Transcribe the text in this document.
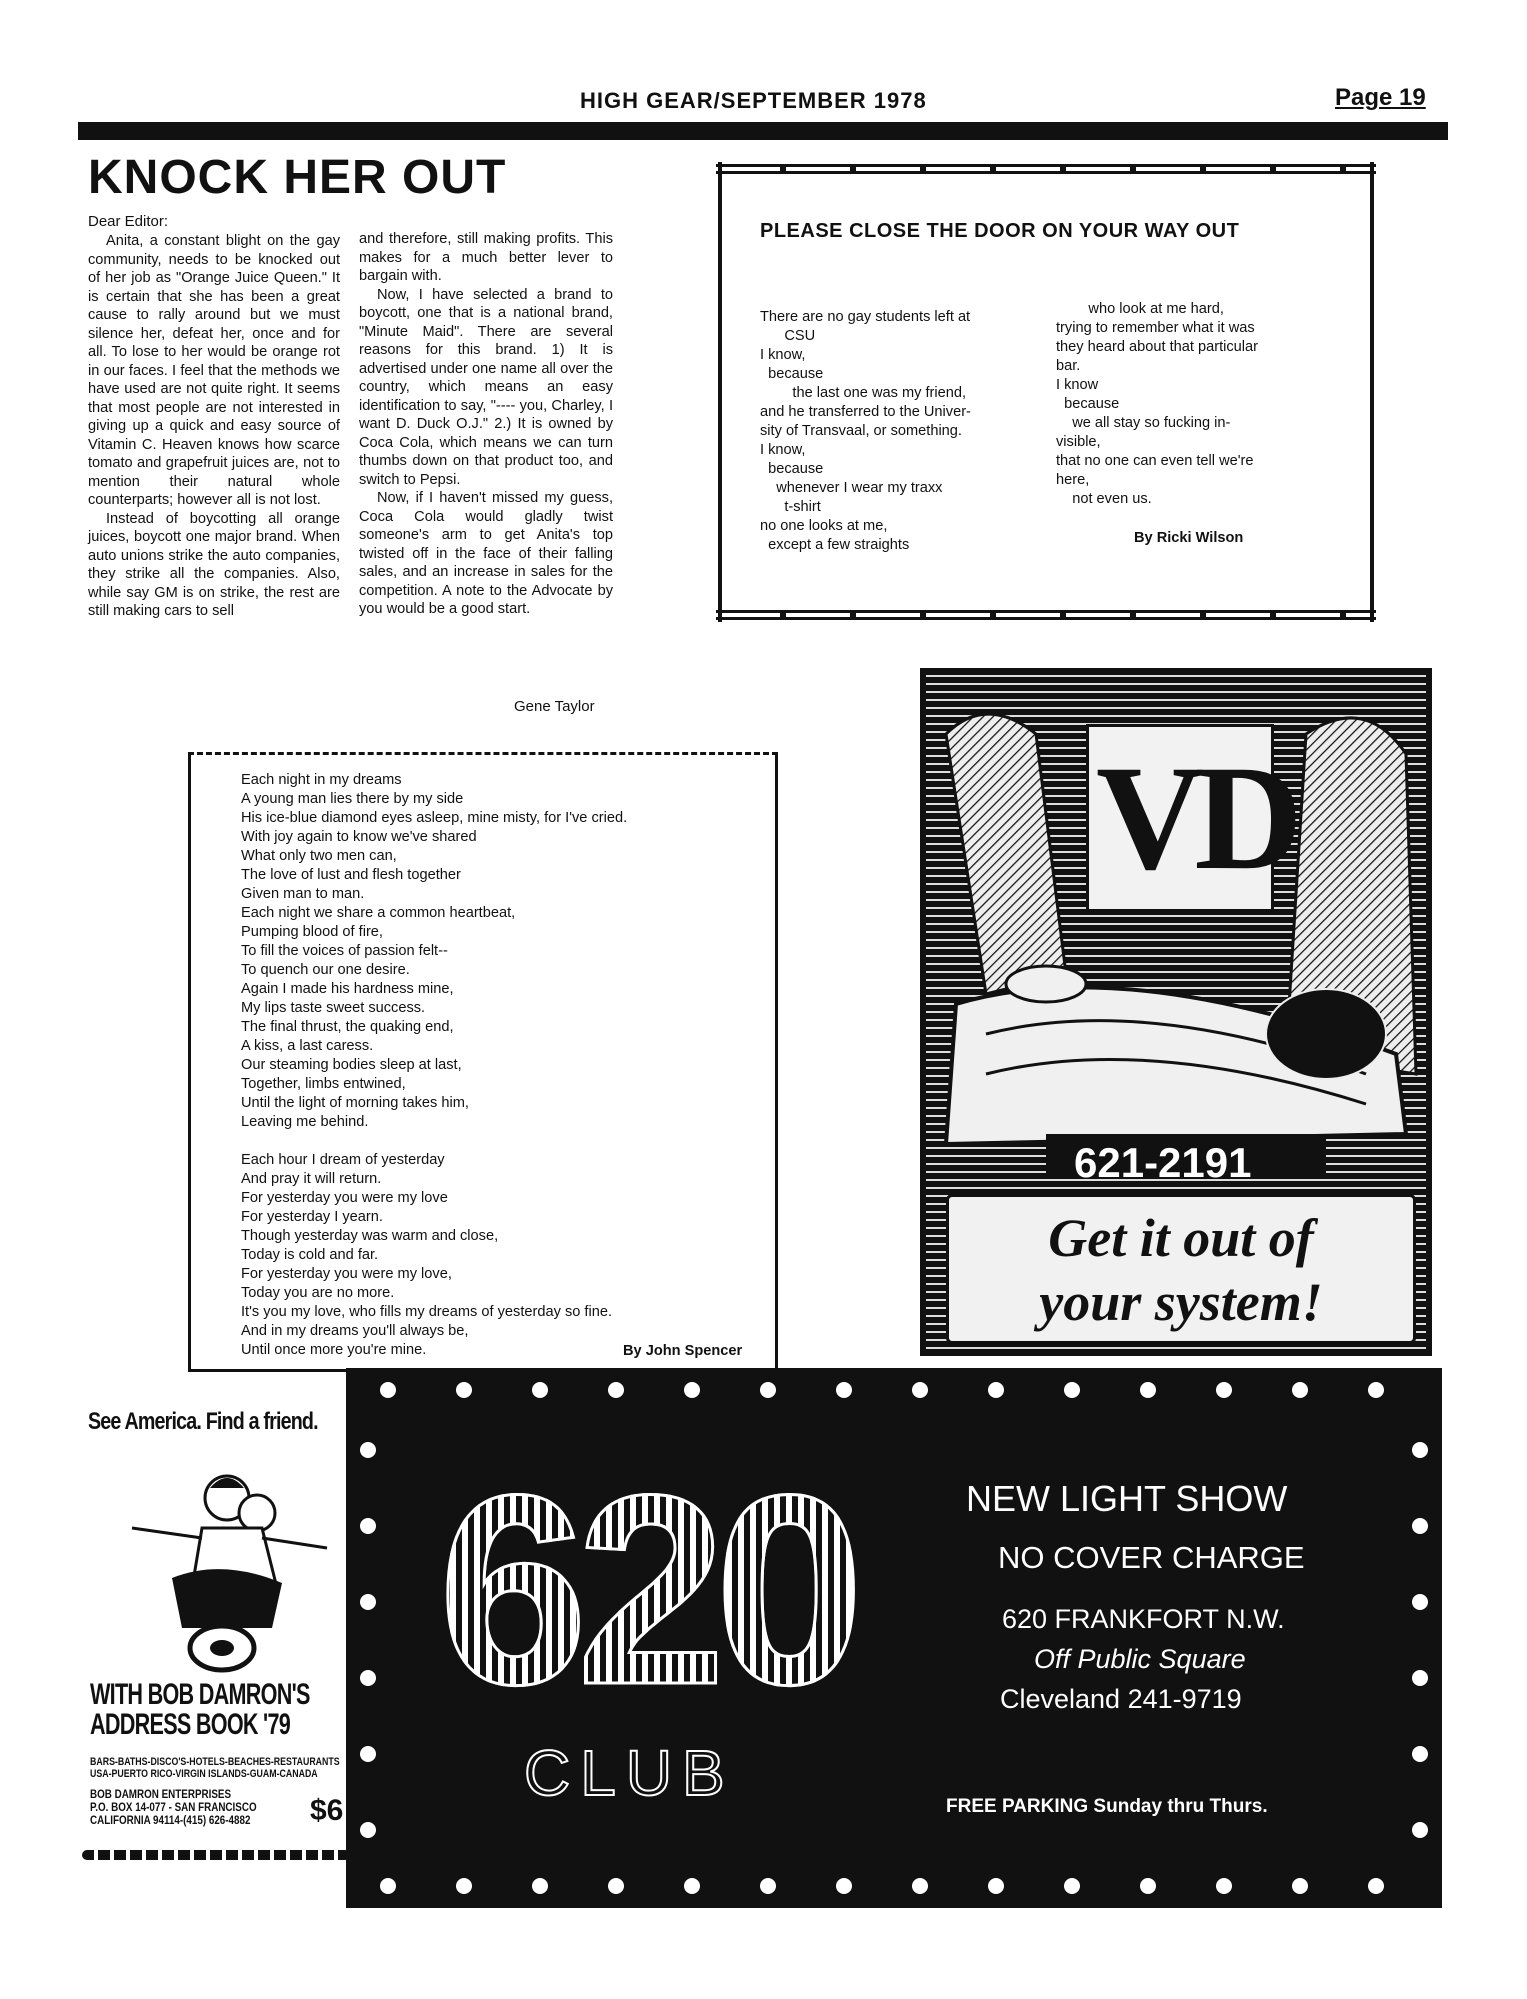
HIGH GEAR/SEPTEMBER 1978	Page 19
KNOCK HER OUT
Dear Editor:

Anita, a constant blight on the gay community, needs to be knocked out of her job as "Orange Juice Queen." It is certain that she has been a great cause to rally around but we must silence her, defeat her, once and for all. To lose to her would be orange rot in our faces. I feel that the methods we have used are not quite right. It seems that most people are not interested in giving up a quick and easy source of Vitamin C. Heaven knows how scarce tomato and grapefruit juices are, not to mention their natural whole counterparts; however all is not lost.

Instead of boycotting all orange juices, boycott one major brand. When auto unions strike the auto companies, they strike all the companies. Also, while say GM is on strike, the rest are still making cars to sell

and therefore, still making profits. This makes for a much better lever to bargain with.

Now, I have selected a brand to boycott, one that is a national brand, "Minute Maid". There are several reasons for this brand. 1) It is advertised under one name all over the country, which means an easy identification to say, "---- you, Charley, I want D. Duck O.J." 2.) It is owned by Coca Cola, which means we can turn thumbs down on that product too, and switch to Pepsi.

Now, if I haven't missed my guess, Coca Cola would gladly twist someone's arm to get Anita's top twisted off in the face of their falling sales, and an increase in sales for the competition. A note to the Advocate by you would be a good start.

Gene Taylor
PLEASE CLOSE THE DOOR ON YOUR WAY OUT
There are no gay students left at
CSU
I know,
because
the last one was my friend,
and he transferred to the Univer-
sity of Transvaal, or something.
I know,
because
whenever I wear my traxx
t-shirt
no one looks at me,
except a few straights
who look at me hard,
trying to remember what it was
they heard about that particular
bar.
I know
because
we all stay so fucking in-
visible,
that no one can even tell we're
here,
not even us.
By Ricki Wilson
Each night in my dreams
A young man lies there by my side
His ice-blue diamond eyes asleep, mine misty, for I've cried.
With joy again to know we've shared
What only two men can,
The love of lust and flesh together
Given man to man.
Each night we share a common heartbeat,
Pumping blood of fire,
To fill the voices of passion felt--
To quench our one desire.
Again I made his hardness mine,
My lips taste sweet success.
The final thrust, the quaking end,
A kiss, a last caress.
Our steaming bodies sleep at last,
Together, limbs entwined,
Until the light of morning takes him,
Leaving me behind.
Each hour I dream of yesterday
And pray it will return.
For yesterday you were my love
For yesterday I yearn.
Though yesterday was warm and close,
Today is cold and far.
For yesterday you were my love,
Today you are no more.
It's you my love, who fills my dreams of yesterday so fine.
And in my dreams you'll always be,
Until once more you're mine.	By John Spencer
VD
621-2191
Get it out of
your system!
See America. Find a friend.
WITH BOB DAMRON'S
ADDRESS BOOK '79
BARS-BATHS-DISCO'S-HOTELS-BEACHES-RESTAURANTS
USA-PUERTO RICO-VIRGIN ISLANDS-GUAM-CANADA
BOB DAMRON ENTERPRISES
P.O. BOX 14-077 - SAN FRANCISCO
CALIFORNIA 94114-(415) 626-4882 $6
620
CLUB
NEW LIGHT SHOW
NO COVER CHARGE
620 FRANKFORT N.W.
Off Public Square
Cleveland 241-9719
FREE PARKING Sunday thru Thurs.
